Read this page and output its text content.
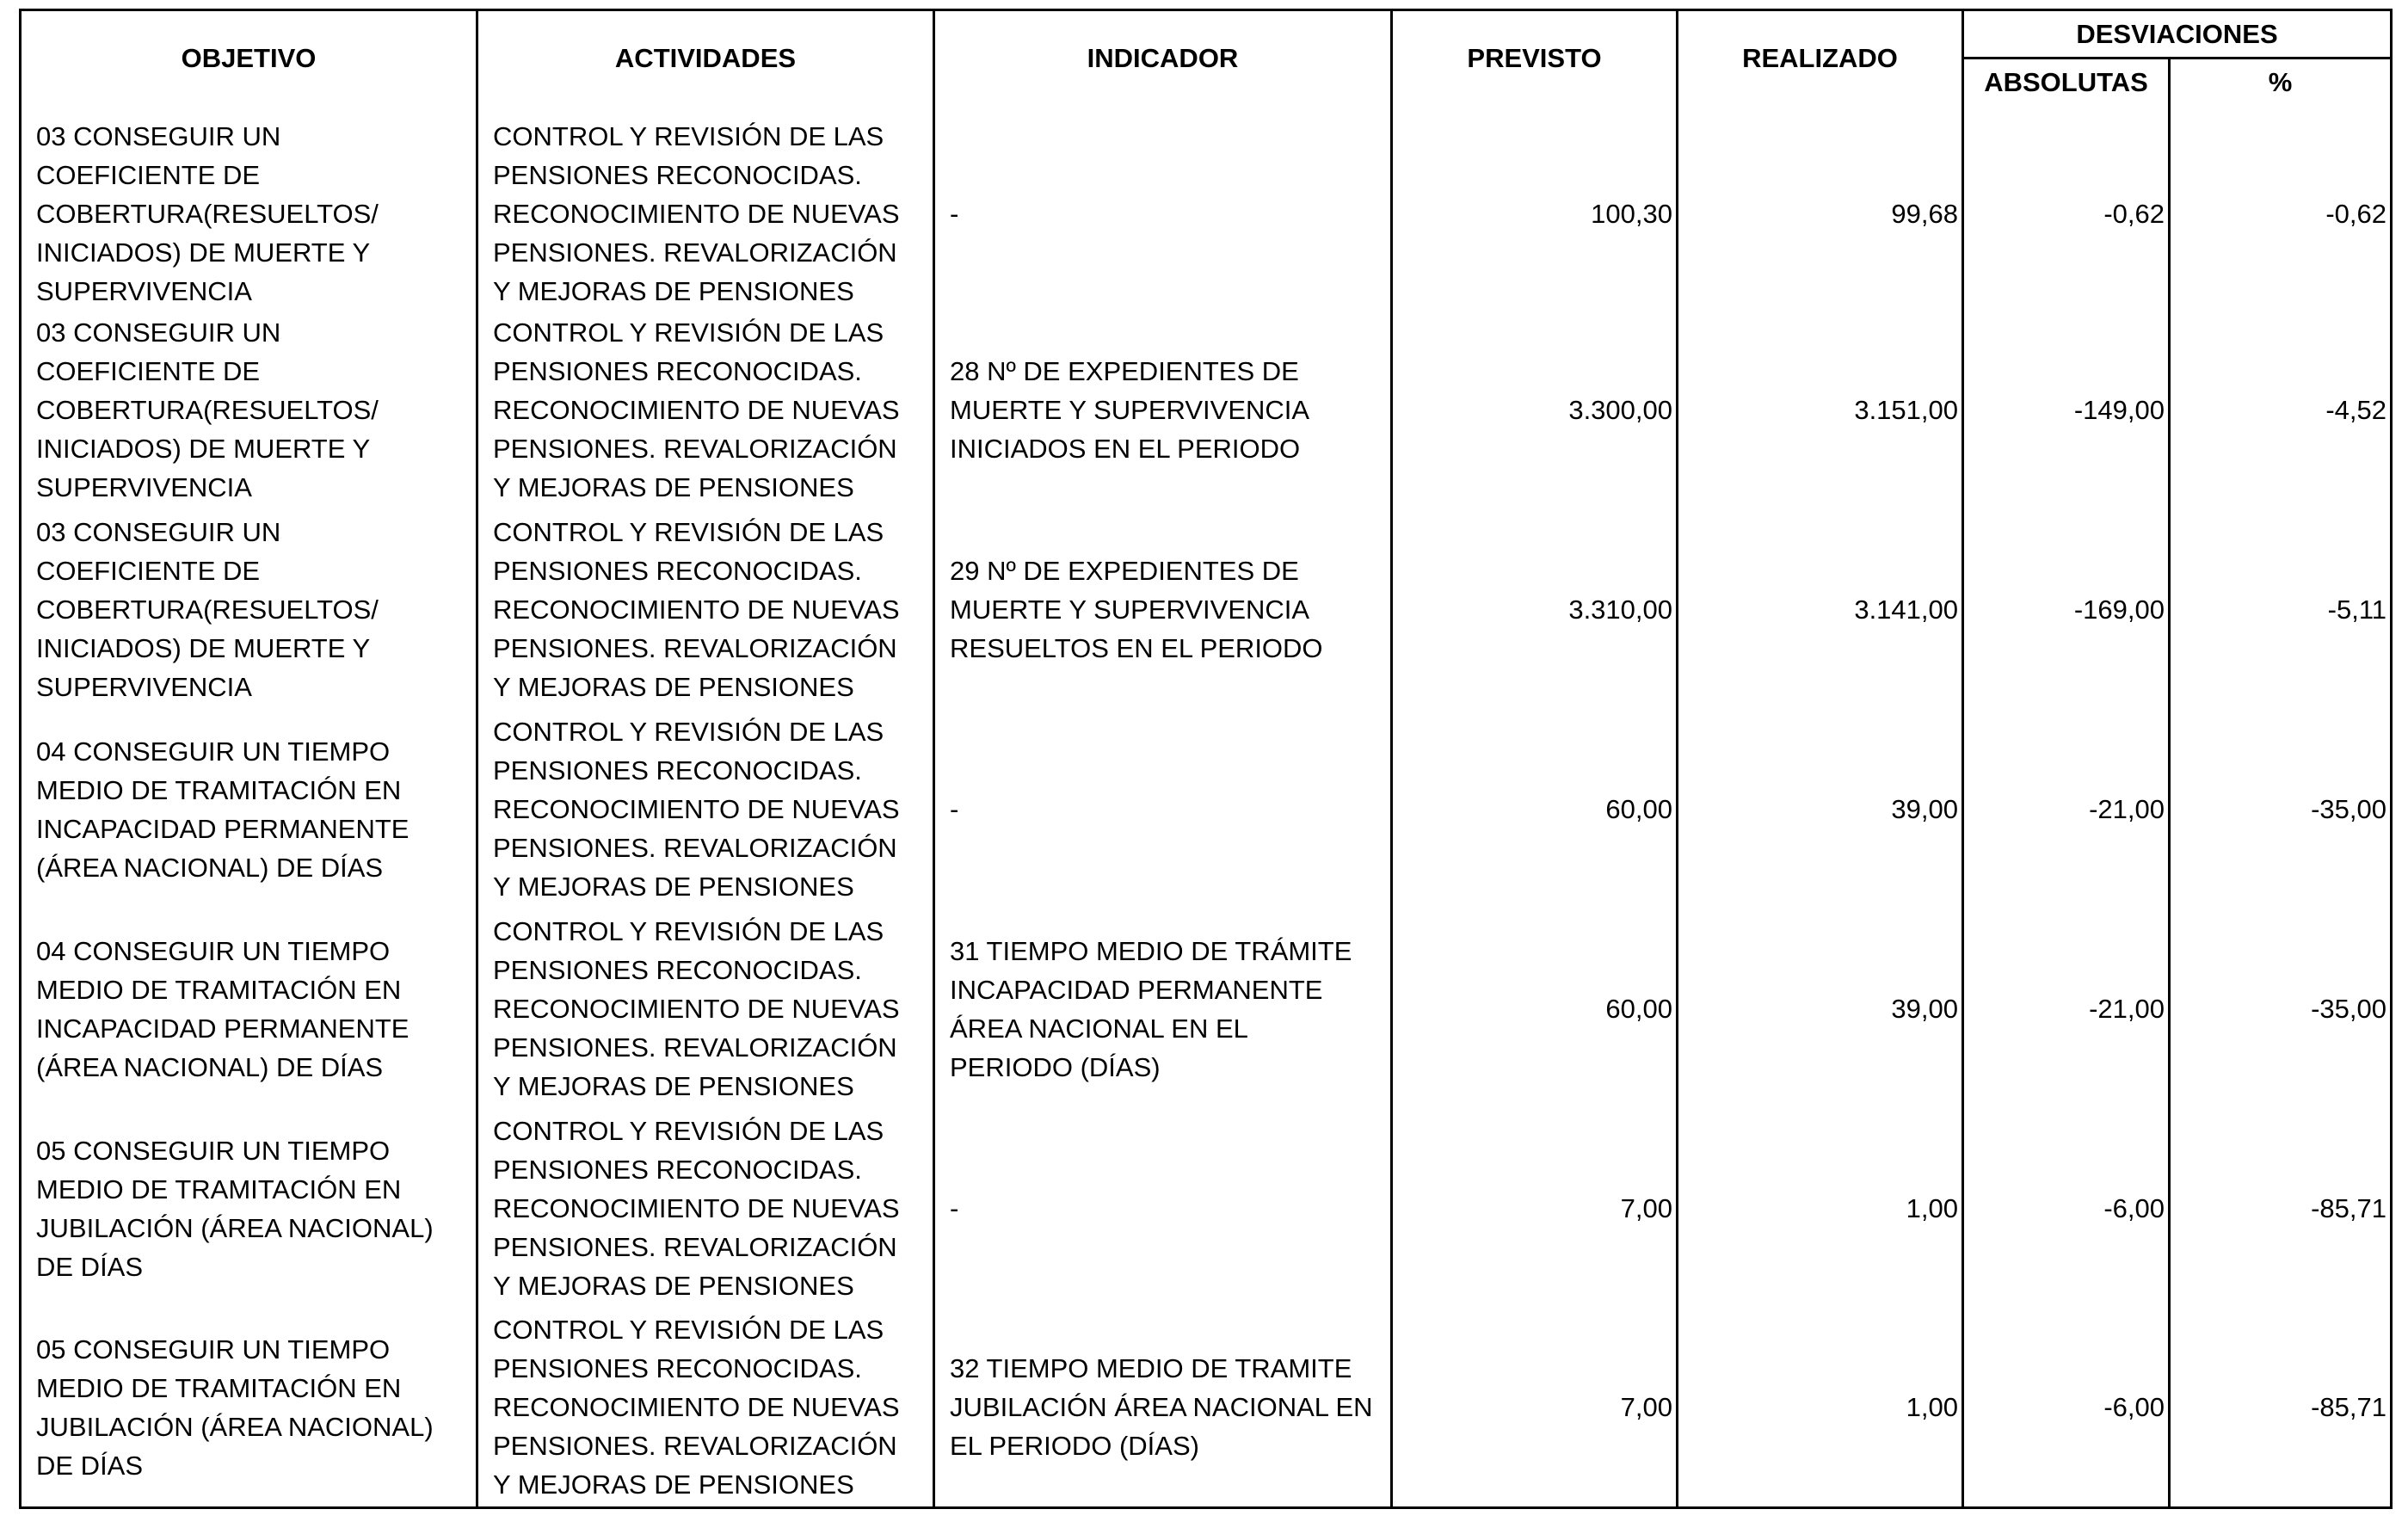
OBJETIVO	ACTIVIDADES	INDICADOR	PREVISTO	REALIZADO	DESVIACIONES	
					ABSOLUTAS	%
03 CONSEGUIR UN COEFICIENTE DE COBERTURA(RESUELTOS/ INICIADOS) DE MUERTE Y SUPERVIVENCIA	CONTROL Y REVISIÓN DE LAS PENSIONES RECONOCIDAS. RECONOCIMIENTO DE NUEVAS PENSIONES. REVALORIZACIÓN Y MEJORAS DE PENSIONES	-	100,30	99,68	-0,62	-0,62
03 CONSEGUIR UN COEFICIENTE DE COBERTURA(RESUELTOS/ INICIADOS) DE MUERTE Y SUPERVIVENCIA	CONTROL Y REVISIÓN DE LAS PENSIONES RECONOCIDAS. RECONOCIMIENTO DE NUEVAS PENSIONES. REVALORIZACIÓN Y MEJORAS DE PENSIONES	28 Nº DE EXPEDIENTES DE MUERTE Y SUPERVIVENCIA INICIADOS EN EL PERIODO	3.300,00	3.151,00	-149,00	-4,52
03 CONSEGUIR UN COEFICIENTE DE COBERTURA(RESUELTOS/ INICIADOS) DE MUERTE Y SUPERVIVENCIA	CONTROL Y REVISIÓN DE LAS PENSIONES RECONOCIDAS. RECONOCIMIENTO DE NUEVAS PENSIONES. REVALORIZACIÓN Y MEJORAS DE PENSIONES	29 Nº DE EXPEDIENTES DE MUERTE Y SUPERVIVENCIA RESUELTOS EN EL PERIODO	3.310,00	3.141,00	-169,00	-5,11
04 CONSEGUIR UN TIEMPO MEDIO DE TRAMITACIÓN EN INCAPACIDAD PERMANENTE (ÁREA NACIONAL) DE DÍAS	CONTROL Y REVISIÓN DE LAS PENSIONES RECONOCIDAS. RECONOCIMIENTO DE NUEVAS PENSIONES. REVALORIZACIÓN Y MEJORAS DE PENSIONES	-	60,00	39,00	-21,00	-35,00
04 CONSEGUIR UN TIEMPO MEDIO DE TRAMITACIÓN EN INCAPACIDAD PERMANENTE (ÁREA NACIONAL) DE DÍAS	CONTROL Y REVISIÓN DE LAS PENSIONES RECONOCIDAS. RECONOCIMIENTO DE NUEVAS PENSIONES. REVALORIZACIÓN Y MEJORAS DE PENSIONES	31 TIEMPO MEDIO DE TRÁMITE INCAPACIDAD PERMANENTE ÁREA NACIONAL EN EL PERIODO (DÍAS)	60,00	39,00	-21,00	-35,00
05 CONSEGUIR UN TIEMPO MEDIO DE TRAMITACIÓN EN JUBILACIÓN (ÁREA NACIONAL) DE DÍAS	CONTROL Y REVISIÓN DE LAS PENSIONES RECONOCIDAS. RECONOCIMIENTO DE NUEVAS PENSIONES. REVALORIZACIÓN Y MEJORAS DE PENSIONES	-	7,00	1,00	-6,00	-85,71
05 CONSEGUIR UN TIEMPO MEDIO DE TRAMITACIÓN EN JUBILACIÓN (ÁREA NACIONAL) DE DÍAS	CONTROL Y REVISIÓN DE LAS PENSIONES RECONOCIDAS. RECONOCIMIENTO DE NUEVAS PENSIONES. REVALORIZACIÓN Y MEJORAS DE PENSIONES	32 TIEMPO MEDIO DE TRAMITE JUBILACIÓN ÁREA NACIONAL EN EL PERIODO (DÍAS)	7,00	1,00	-6,00	-85,71
